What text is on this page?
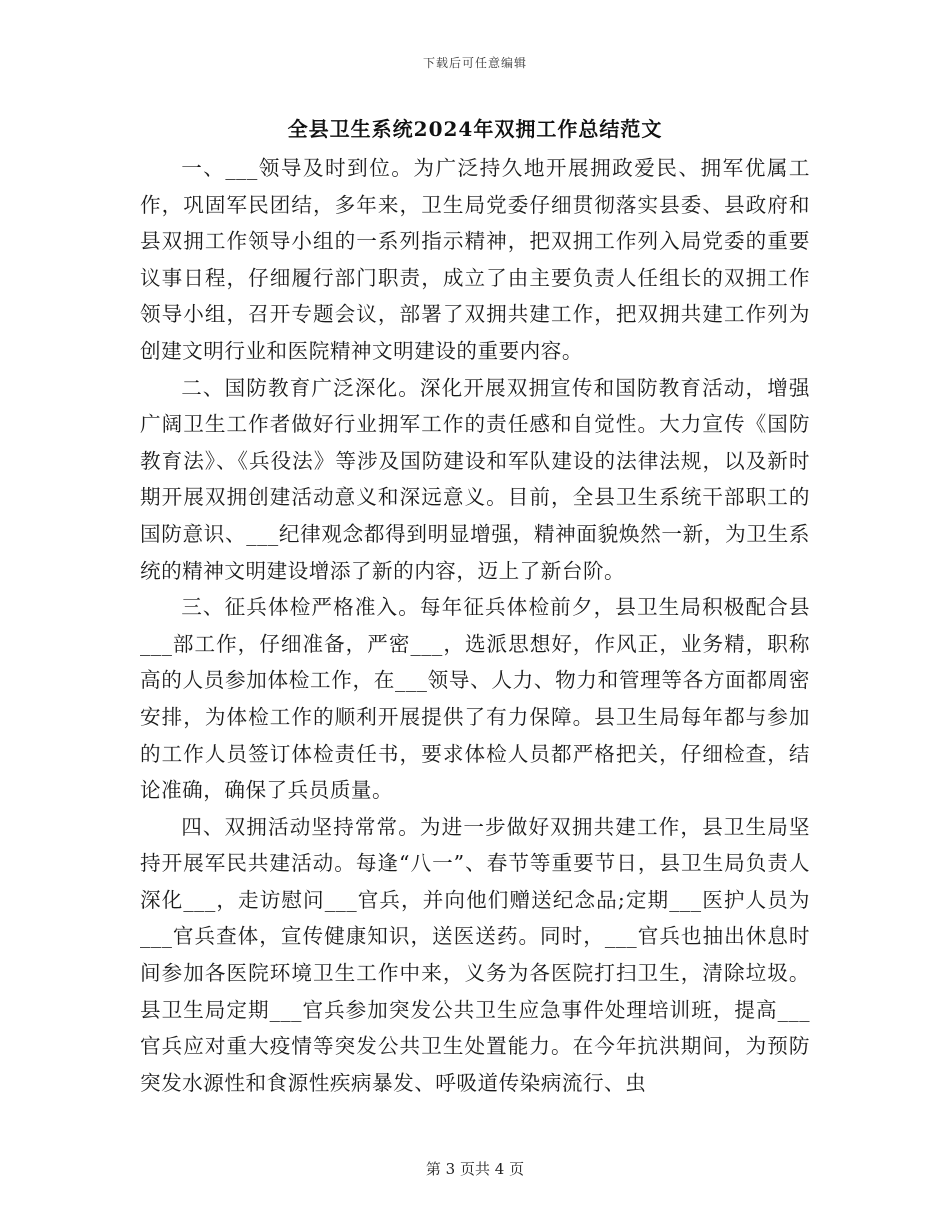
下载后可任意编辑
全县卫生系统2024年双拥工作总结范文

一、___领导及时到位。为广泛持久地开展拥政爱民、拥军优属工作，巩固军民团结，多年来，卫生局党委仔细贯彻落实县委、县政府和县双拥工作领导小组的一系列指示精神，把双拥工作列入局党委的重要议事日程，仔细履行部门职责，成立了由主要负责人任组长的双拥工作领导小组，召开专题会议，部署了双拥共建工作，把双拥共建工作列为创建文明行业和医院精神文明建设的重要内容。

二、国防教育广泛深化。深化开展双拥宣传和国防教育活动，增强广阔卫生工作者做好行业拥军工作的责任感和自觉性。大力宣传《国防教育法》、《兵役法》等涉及国防建设和军队建设的法律法规，以及新时期开展双拥创建活动意义和深远意义。目前，全县卫生系统干部职工的国防意识、___纪律观念都得到明显增强，精神面貌焕然一新，为卫生系统的精神文明建设增添了新的内容，迈上了新台阶。

三、征兵体检严格准入。每年征兵体检前夕，县卫生局积极配合县___部工作，仔细准备，严密___，选派思想好，作风正，业务精，职称高的人员参加体检工作，在___领导、人力、物力和管理等各方面都周密安排，为体检工作的顺利开展提供了有力保障。县卫生局每年都与参加的工作人员签订体检责任书，要求体检人员都严格把关，仔细检查，结论准确，确保了兵员质量。

四、双拥活动坚持常常。为进一步做好双拥共建工作，县卫生局坚持开展军民共建活动。每逢“八一”、春节等重要节日，县卫生局负责人深化___，走访慰问___官兵，并向他们赠送纪念品;定期___医护人员为___官兵查体，宣传健康知识，送医送药。同时，___官兵也抽出休息时间参加各医院环境卫生工作中来，义务为各医院打扫卫生，清除垃圾。县卫生局定期___官兵参加突发公共卫生应急事件处理培训班，提高___官兵应对重大疫情等突发公共卫生处置能力。在今年抗洪期间，为预防突发水源性和食源性疾病暴发、呼吸道传染病流行、虫

第 3 页共 4 页
